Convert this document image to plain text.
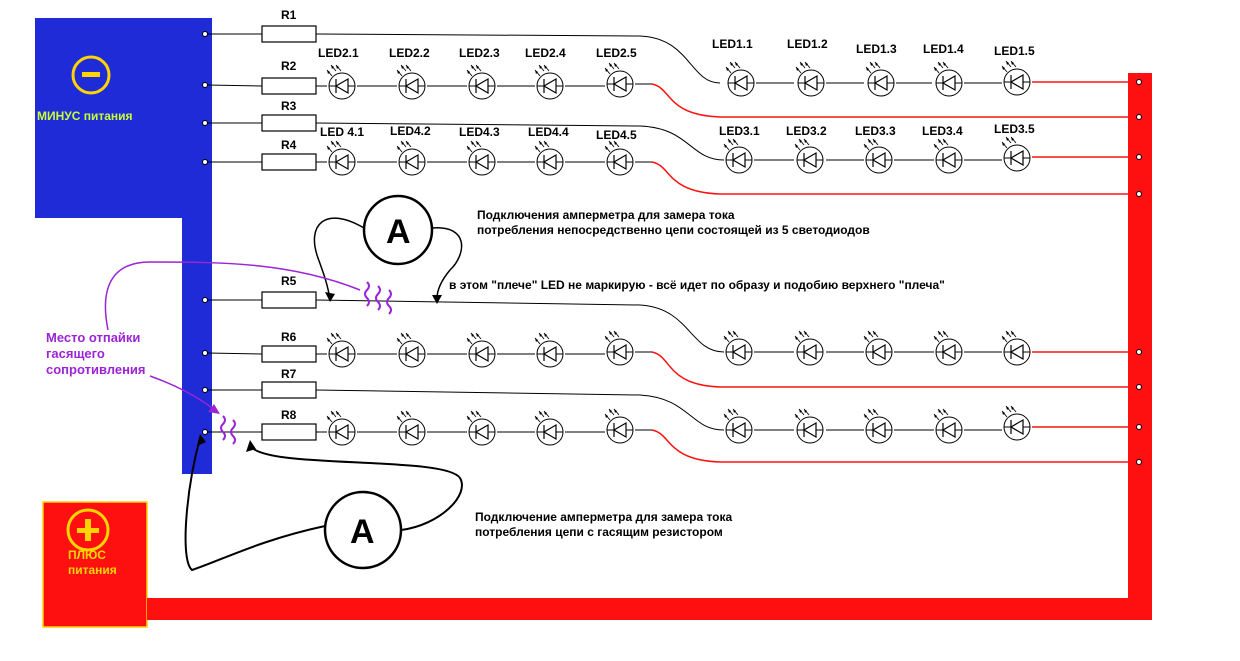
МИНУС питания
ПЛЮС
питания
R1
R2
R3
R4
R5
R6
R7
R8
LED2.1	LED2.2 LED2.3 LED2.4	LED2.5
LED1.1	LED1.2 LED1.3 LED1.4	LED1.5
LED 4.1 LED4.2 LED4.3 LED4.4 LED4.5	LED3.1 LED3.2 LED3.3 LED3.4	LED3.5
A
A
Подключения амперметра для замера тока
потребления непосредственно цепи состоящей из 5 светодиодов
в этом "плече" LED не маркирую - всё идет по образу и подобию верхнего "плеча"
Подключение амперметра для замера тока
потребления цепи с гасящим резистором
Место отпайки
гасящего
сопротивления
